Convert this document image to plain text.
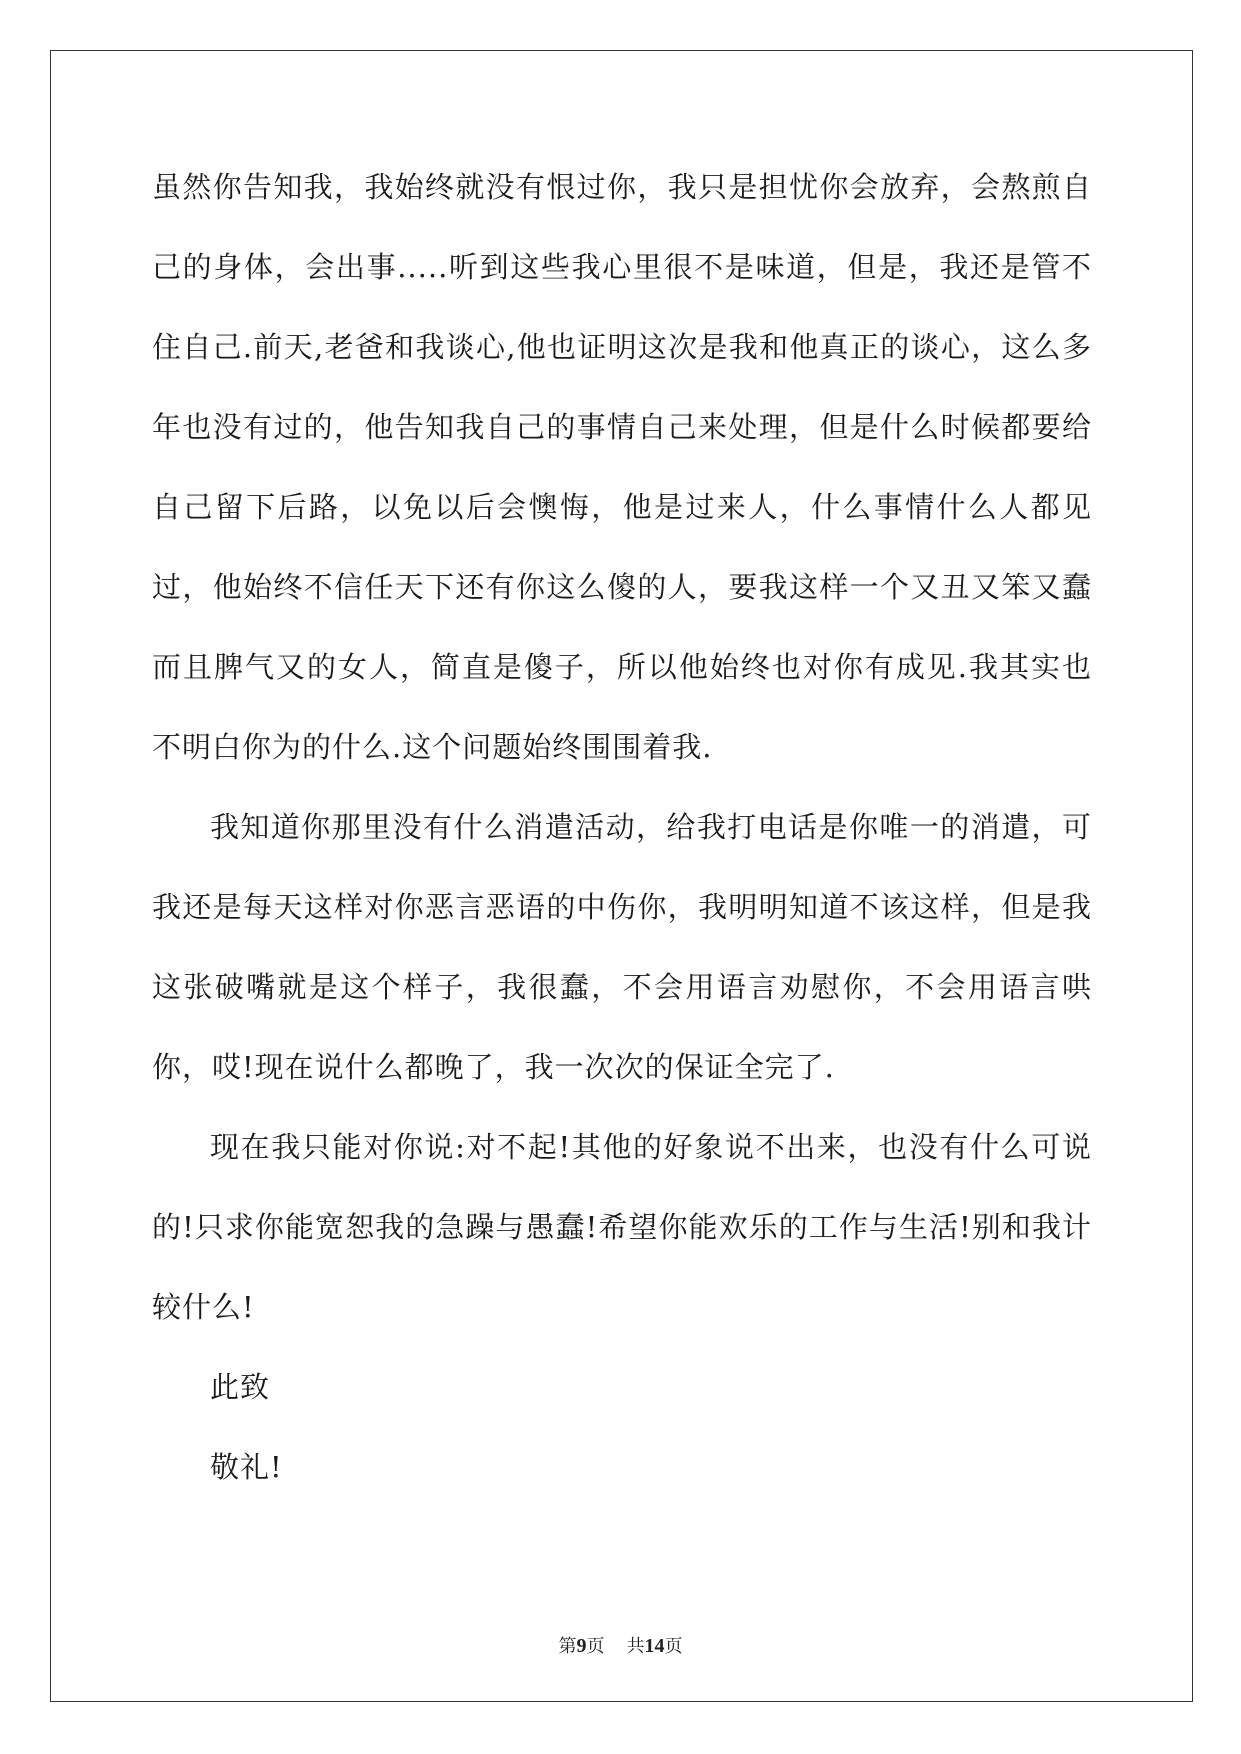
虽然你告知我，我始终就没有恨过你，我只是担忧你会放弃，会熬煎自己的身体，会出事.....听到这些我心里很不是味道，但是，我还是管不住自己.前天,老爸和我谈心,他也证明这次是我和他真正的谈心，这么多年也没有过的，他告知我自己的事情自己来处理，但是什么时候都要给自己留下后路，以免以后会懊悔，他是过来人，什么事情什么人都见过，他始终不信任天下还有你这么傻的人，要我这样一个又丑又笨又蠢而且脾气又的女人，简直是傻子，所以他始终也对你有成见.我其实也不明白你为的什么.这个问题始终围围着我.

我知道你那里没有什么消遣活动，给我打电话是你唯一的消遣，可我还是每天这样对你恶言恶语的中伤你，我明明知道不该这样，但是我这张破嘴就是这个样子，我很蠢，不会用语言劝慰你，不会用语言哄你，哎!现在说什么都晚了，我一次次的保证全完了.

现在我只能对你说:对不起!其他的好象说不出来，也没有什么可说的!只求你能宽恕我的急躁与愚蠢!希望你能欢乐的工作与生活!别和我计较什么!

此致

敬礼!

第9页 共14页
